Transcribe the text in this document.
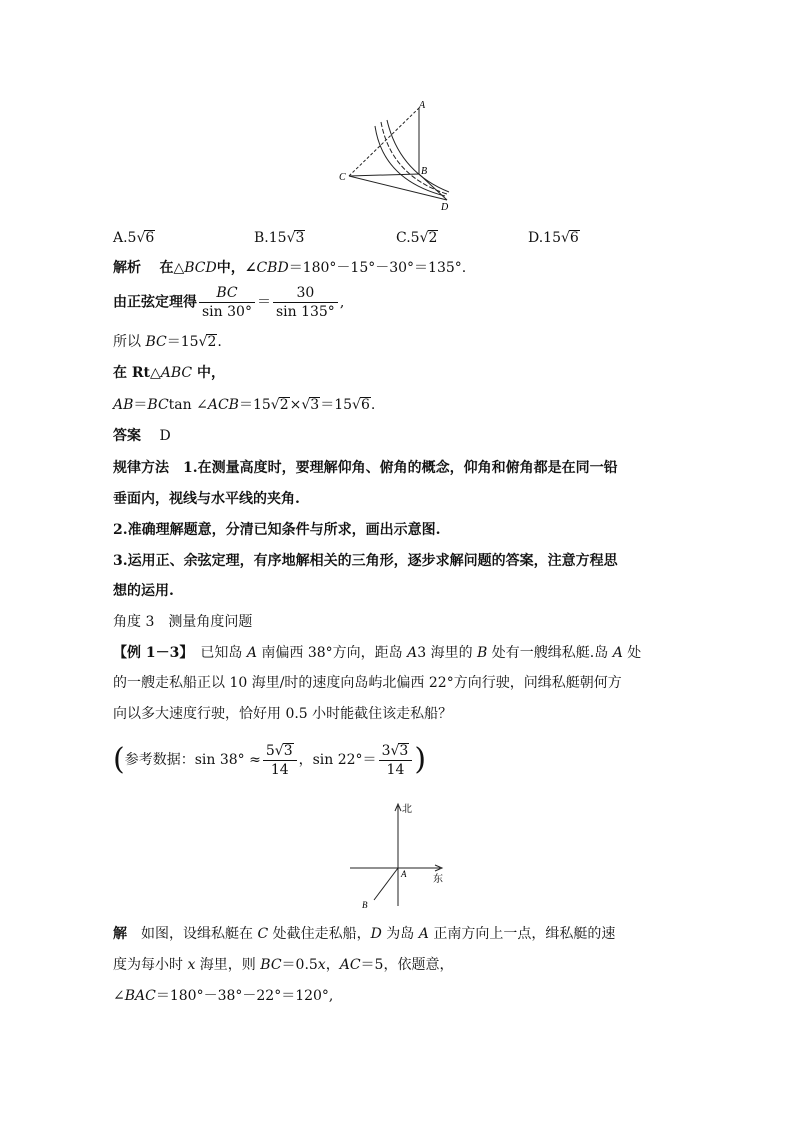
A
B
C
D
A.5√6	B.15√3	C.5√2	D.15√6
解析　 在△BCD中，∠CBD＝180°－15°－30°＝135°.
由正弦定理得 $\frac{BC}{\sin 30^\circ} = \frac{30}{\sin 135^\circ}$ ,
所以 BC＝15√2.
在 Rt△ABC 中，
AB＝BCtan ∠ACB＝15√2×√3＝15√6.
答案　 D
规律方法　 1.在测量高度时，要理解仰角、俯角的概念，仰角和俯角都是在同一铅
垂面内，视线与水平线的夹角.
2.准确理解题意，分清已知条件与所求，画出示意图.
3.运用正、余弦定理，有序地解相关的三角形，逐步求解问题的答案，注意方程思
想的运用.
角度 3　测量角度问题
【例 1－3】　已知岛 A 南偏西 38°方向，距岛 A3 海里的 B 处有一艘缉私艇.岛 A 处
的一艘走私船正以 10 海里/时的速度向岛屿北偏西 22°方向行驶，问缉私艇朝何方
向以多大速度行驶，恰好用 0.5 小时能截住该走私船？
(参考数据：$\sin 38^\circ \approx \frac{5√3}{14}$ ，$\sin 22^\circ= \frac{3√3}{14}$ )
北
东
A
B
解　如图，设缉私艇在 C 处截住走私船，D 为岛 A 正南方向上一点，缉私艇的速
度为每小时 x 海里，则 BC＝0.5x，AC＝5，依题意，
∠BAC＝180°－38°－22°＝120°,
